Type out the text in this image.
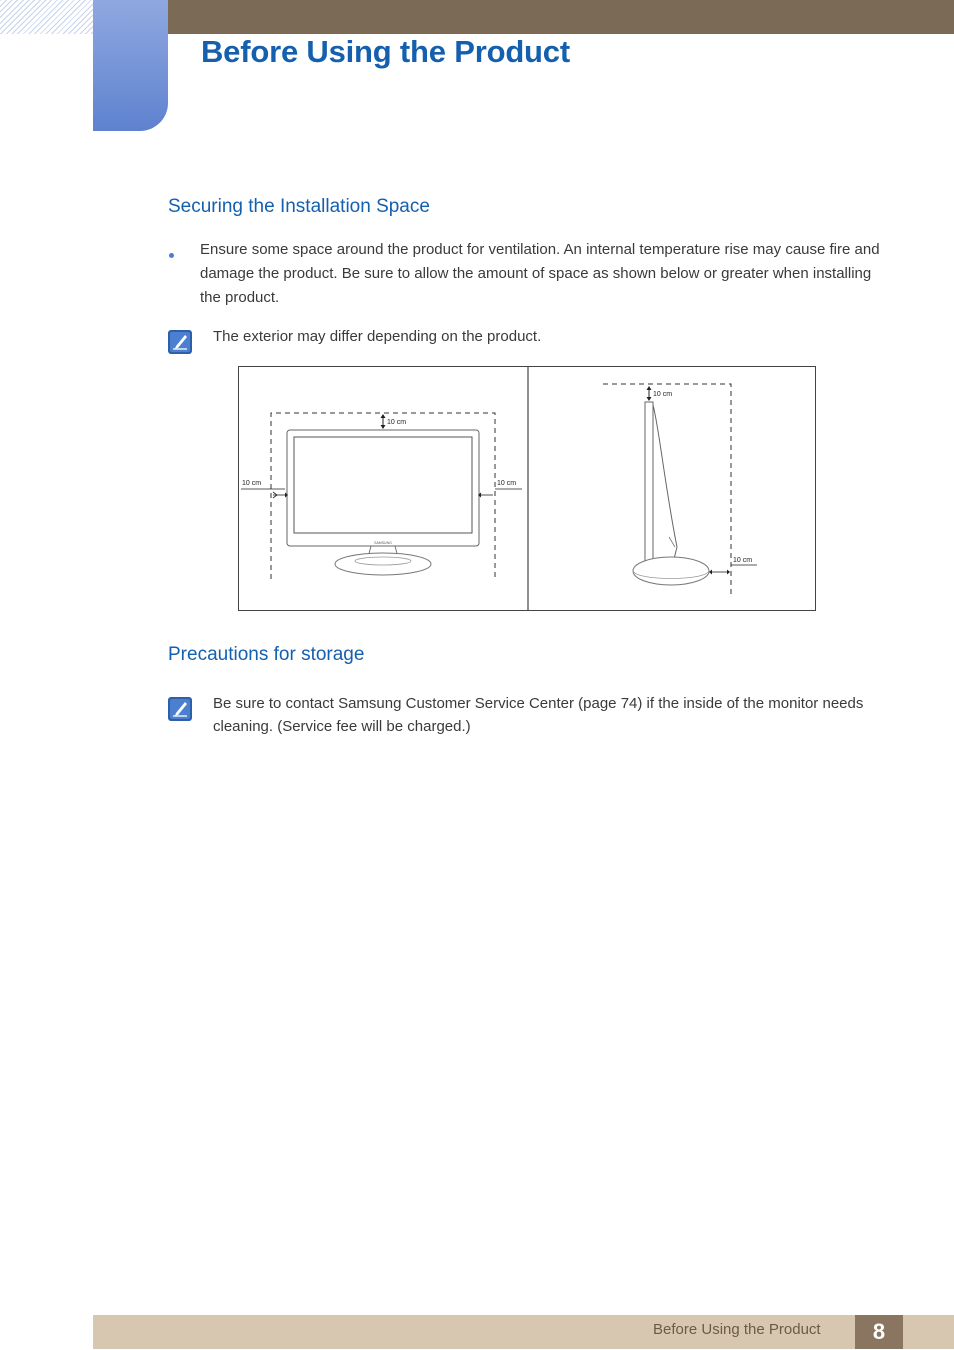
Before Using the Product
Securing the Installation Space

Ensure some space around the product for ventilation. An internal temperature rise may cause fire and damage the product. Be sure to allow the amount of space as shown below or greater when installing the product.

The exterior may differ depending on the product.

SAMSUNG
10 cm
10 cm	10 cm
10 cm
10 cm
Precautions for storage

Be sure to contact Samsung Customer Service Center (page 74) if the inside of the monitor needs cleaning. (Service fee will be charged.)

Before Using the Product	8
